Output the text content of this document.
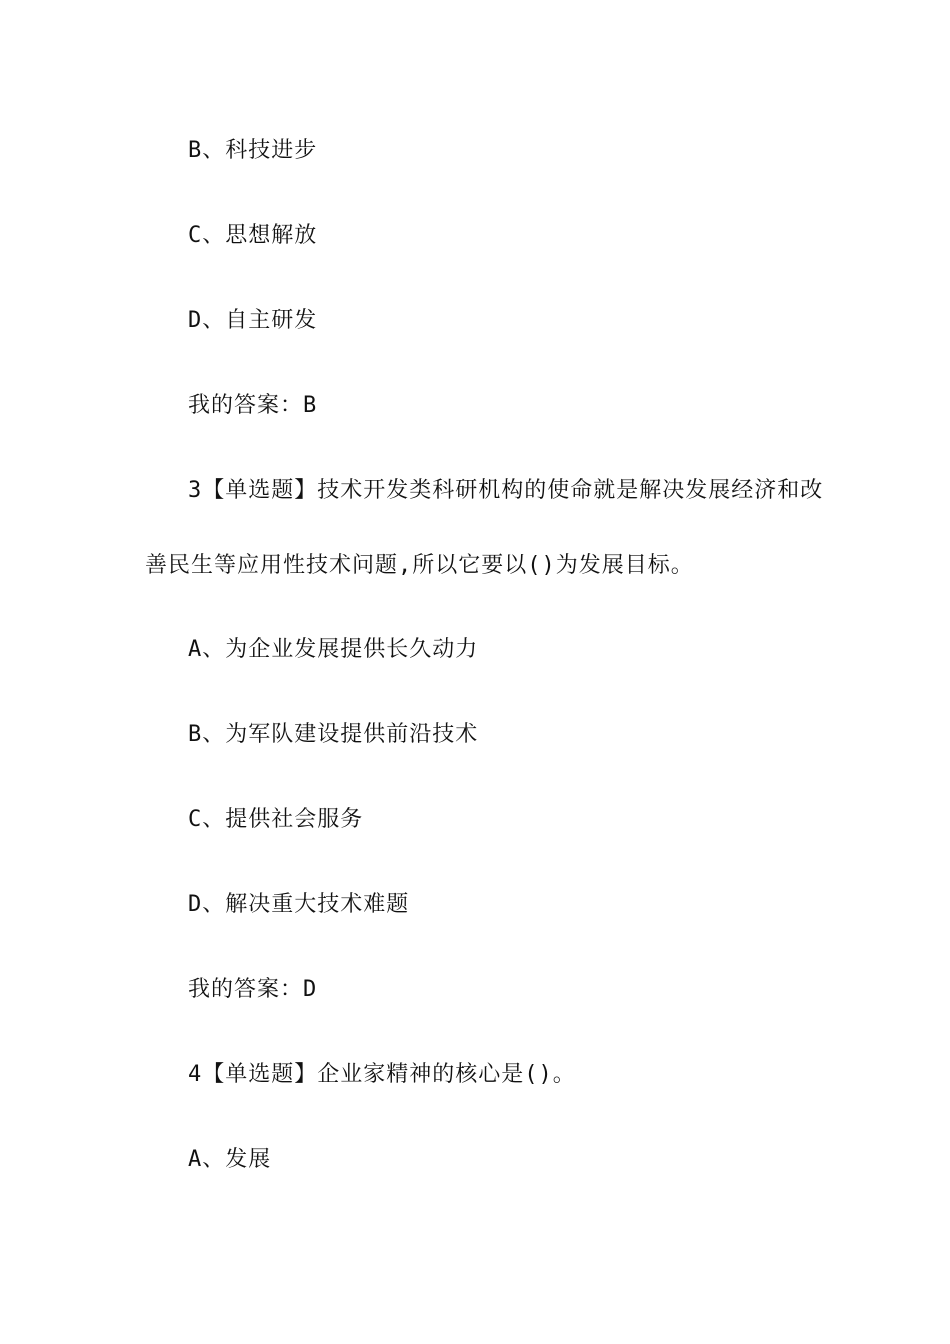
B、科技进步
C、思想解放
D、自主研发
我的答案：B
3【单选题】技术开发类科研机构的使命就是解决发展经济和改
善民生等应用性技术问题,所以它要以()为发展目标。
A、为企业发展提供长久动力
B、为军队建设提供前沿技术
C、提供社会服务
D、解决重大技术难题
我的答案：D
4【单选题】企业家精神的核心是()。
A、发展
